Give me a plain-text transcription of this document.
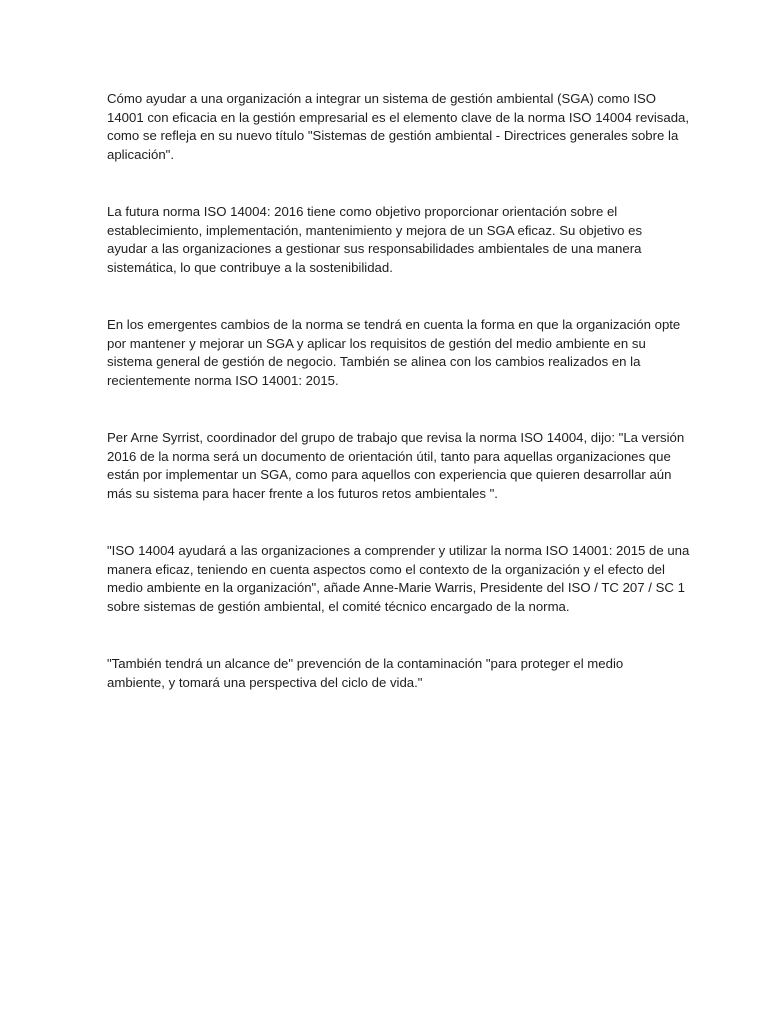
Cómo ayudar a una organización a integrar un sistema de gestión ambiental (SGA) como ISO
14001 con eficacia en la gestión empresarial es el elemento clave de la norma ISO 14004 revisada,
como se refleja en su nuevo título "Sistemas de gestión ambiental - Directrices generales sobre la
aplicación".

La futura norma ISO 14004: 2016 tiene como objetivo proporcionar orientación sobre el
establecimiento, implementación, mantenimiento y mejora de un SGA eficaz. Su objetivo es
ayudar a las organizaciones a gestionar sus responsabilidades ambientales de una manera
sistemática, lo que contribuye a la sostenibilidad.

En los emergentes cambios de la norma se tendrá en cuenta la forma en que la organización opte
por mantener y mejorar un SGA y aplicar los requisitos de gestión del medio ambiente en su
sistema general de gestión de negocio. También se alinea con los cambios realizados en la
recientemente norma ISO 14001: 2015.

Per Arne Syrrist, coordinador del grupo de trabajo que revisa la norma ISO 14004, dijo: "La versión
2016 de la norma será un documento de orientación útil, tanto para aquellas organizaciones que
están por implementar un SGA, como para aquellos con experiencia que quieren desarrollar aún
más su sistema para hacer frente a los futuros retos ambientales ".

"ISO 14004 ayudará a las organizaciones a comprender y utilizar la norma ISO 14001: 2015 de una
manera eficaz, teniendo en cuenta aspectos como el contexto de la organización y el efecto del
medio ambiente en la organización", añade Anne-Marie Warris, Presidente del ISO / TC 207 / SC 1
sobre sistemas de gestión ambiental, el comité técnico encargado de la norma.

"También tendrá un alcance de" prevención de la contaminación "para proteger el medio
ambiente, y tomará una perspectiva del ciclo de vida."
